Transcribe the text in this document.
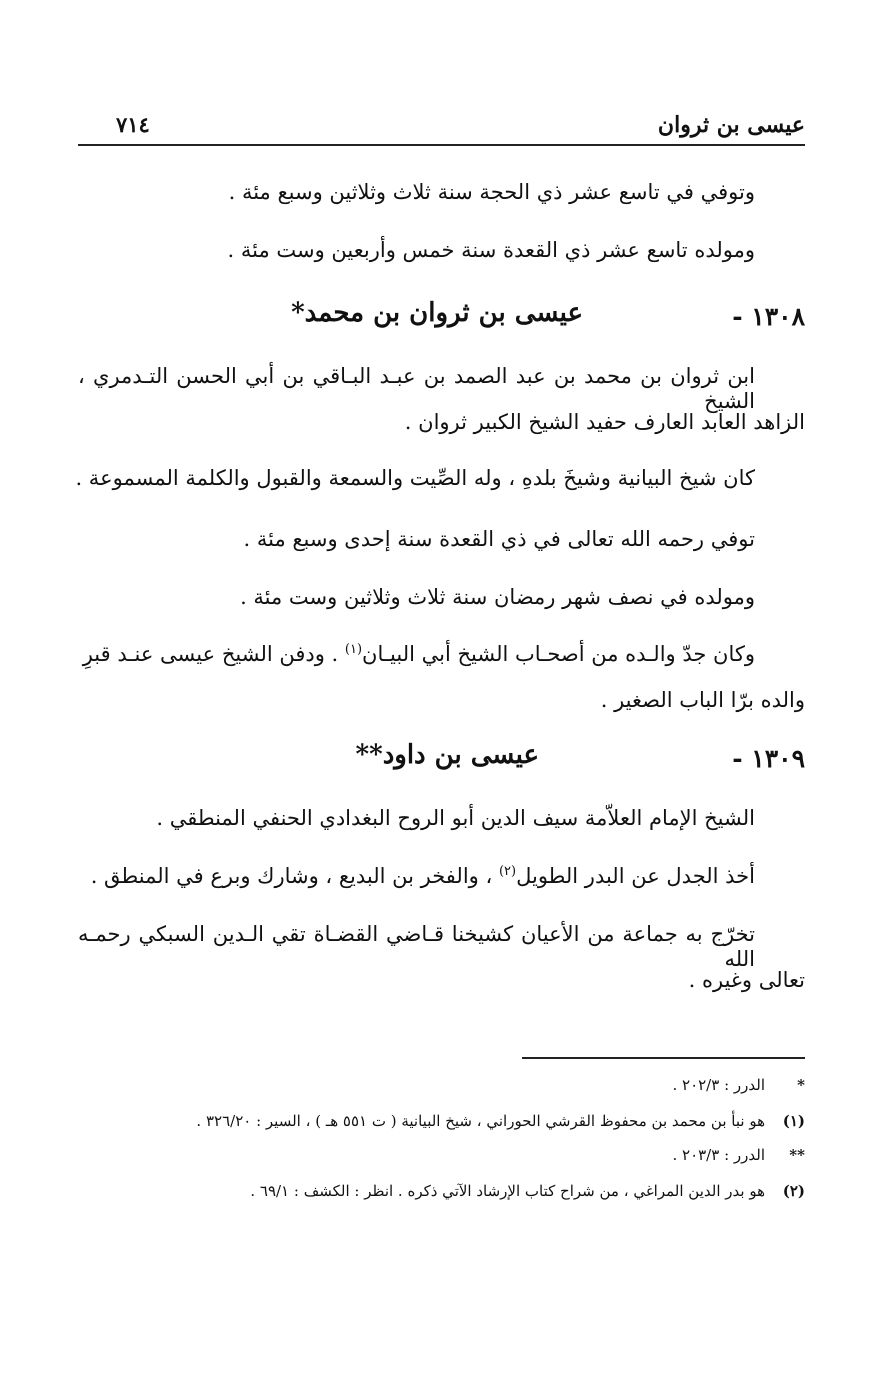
عيسى بن ثروان
٧١٤
وتوفي في تاسع عشر ذي الحجة سنة ثلاث وثلاثين وسبع مئة .
ومولده تاسع عشر ذي القعدة سنة خمس وأربعين وست مئة .
١٣٠٨ -
عيسى بن ثروان بن محمد*
ابن ثروان بن محمد بن عبد الصمد بن عبـد البـاقي بن أبي الحسن التـدمري ، الشيخ
الزاهد العابد العارف حفيد الشيخ الكبير ثروان .
كان شيخ البيانية وشيخَ بلدهِ ، وله الصِّيت والسمعة والقبول والكلمة المسموعة .
توفي رحمه الله تعالى في ذي القعدة سنة إحدى وسبع مئة .
ومولده في نصف شهر رمضان سنة ثلاث وثلاثين وست مئة .
وكان جدّ والـده من أصحـاب الشيخ أبي البيـان$^{(١)}$ . ودفن الشيخ عيسى عنـد قبرِ
والده برّا الباب الصغير .
١٣٠٩ -
عيسى بن داود**
الشيخ الإمام العلاّمة سيف الدين أبو الروح البغدادي الحنفي المنطقي .
أخذ الجدل عن البدر الطويل$^{(٢)}$ ، والفخر بن البديع ، وشارك وبرع في المنطق .
تخرّج به جماعة من الأعيان كشيخنا قـاضي القضـاة تقي الـدين السبكي رحمـه الله
تعالى وغيره .
*الدرر : ٢٠٢/٣ .
(١)هو نبأ بن محمد بن محفوظ القرشي الحوراني ، شيخ البيانية ( ت ٥٥١ هـ ) ، السير : ٣٢٦/٢٠ .
**الدرر : ٢٠٣/٣ .
(٢)هو بدر الدين المراغي ، من شراح كتاب الإرشاد الآتي ذكره . انظر : الكشف : ٦٩/١ .
